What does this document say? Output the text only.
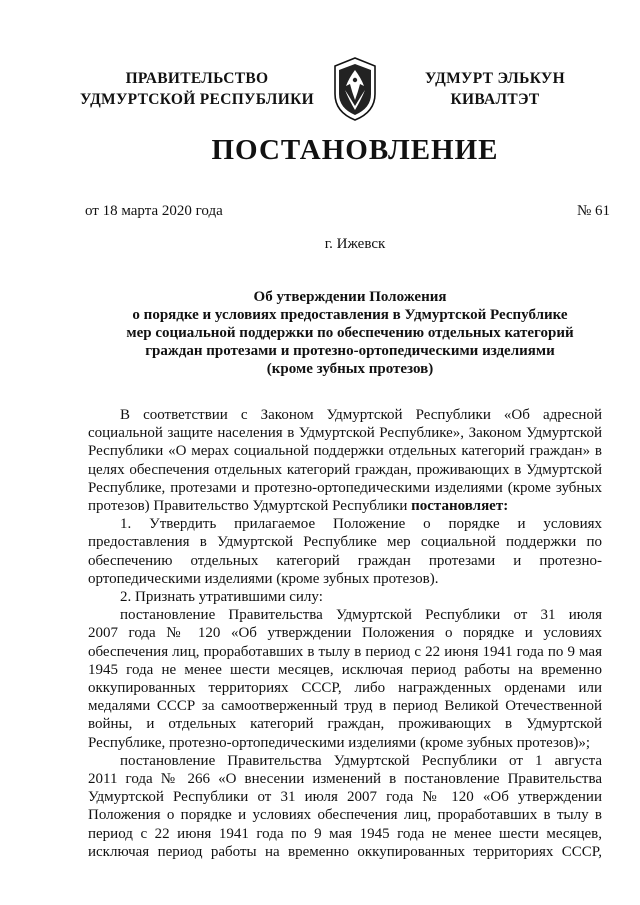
ПРАВИТЕЛЬСТВО
УДМУРТСКОЙ РЕСПУБЛИКИ
УДМУРТ ЭЛЬКУН
КИВАЛТЭТ
ПОСТАНОВЛЕНИЕ
от 18 марта 2020 года	№ 61
г. Ижевск
Об утверждении Положения
о порядке и условиях предоставления в Удмуртской Республике
мер социальной поддержки по обеспечению отдельных категорий
граждан протезами и протезно-ортопедическими изделиями
(кроме зубных протезов)
В соответствии с Законом Удмуртской Республики «Об адресной
социальной защите населения в Удмуртской Республике», Законом Удмуртской
Республики «О мерах социальной поддержки отдельных категорий граждан» в
целях обеспечения отдельных категорий граждан, проживающих в Удмуртской
Республике, протезами и протезно-ортопедическими изделиями (кроме зубных
протезов) Правительство Удмуртской Республики постановляет:
1. Утвердить прилагаемое Положение о порядке и условиях
предоставления в Удмуртской Республике мер социальной поддержки по
обеспечению отдельных категорий граждан протезами и протезно-
ортопедическими изделиями (кроме зубных протезов).
2. Признать утратившими силу:
постановление Правительства Удмуртской Республики от 31 июля
2007 года № 120 «Об утверждении Положения о порядке и условиях
обеспечения лиц, проработавших в тылу в период с 22 июня 1941 года по 9 мая
1945 года не менее шести месяцев, исключая период работы на временно
оккупированных территориях СССР, либо награжденных орденами или
медалями СССР за самоотверженный труд в период Великой Отечественной
войны, и отдельных категорий граждан, проживающих в Удмуртской
Республике, протезно-ортопедическими изделиями (кроме зубных протезов)»;
постановление Правительства Удмуртской Республики от 1 августа
2011 года № 266 «О внесении изменений в постановление Правительства
Удмуртской Республики от 31 июля 2007 года № 120 «Об утверждении
Положения о порядке и условиях обеспечения лиц, проработавших в тылу в
период с 22 июня 1941 года по 9 мая 1945 года не менее шести месяцев,
исключая период работы на временно оккупированных территориях СССР,
